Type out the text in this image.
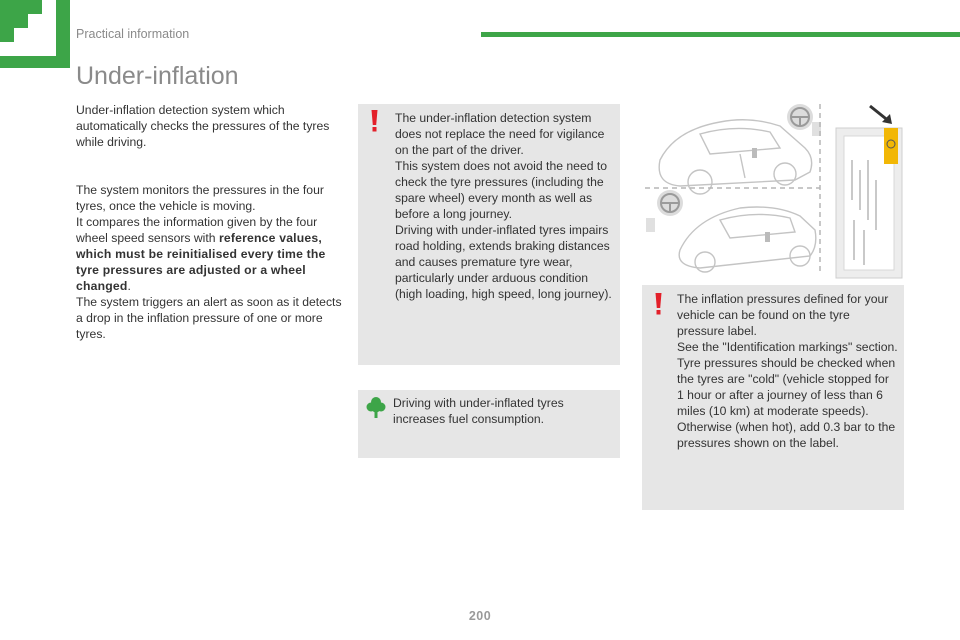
Practical information
Under-inflation
Under-inflation detection system which automatically checks the pressures of the tyres while driving.
The system monitors the pressures in the four tyres, once the vehicle is moving.
It compares the information given by the four wheel speed sensors with reference values, which must be reinitialised every time the tyre pressures are adjusted or a wheel changed.
The system triggers an alert as soon as it detects a drop in the inflation pressure of one or more tyres.
The under-inflation detection system does not replace the need for vigilance on the part of the driver.
This system does not avoid the need to check the tyre pressures (including the spare wheel) every month as well as before a long journey.
Driving with under-inflated tyres impairs road holding, extends braking distances and causes premature tyre wear, particularly under arduous condition (high loading, high speed, long journey).
Driving with under-inflated tyres increases fuel consumption.
The inflation pressures defined for your vehicle can be found on the tyre pressure label.
See the "Identification markings" section.
Tyre pressures should be checked when the tyres are "cold" (vehicle stopped for 1 hour or after a journey of less than 6 miles (10 km) at moderate speeds).
Otherwise (when hot), add 0.3 bar to the pressures shown on the label.
200
